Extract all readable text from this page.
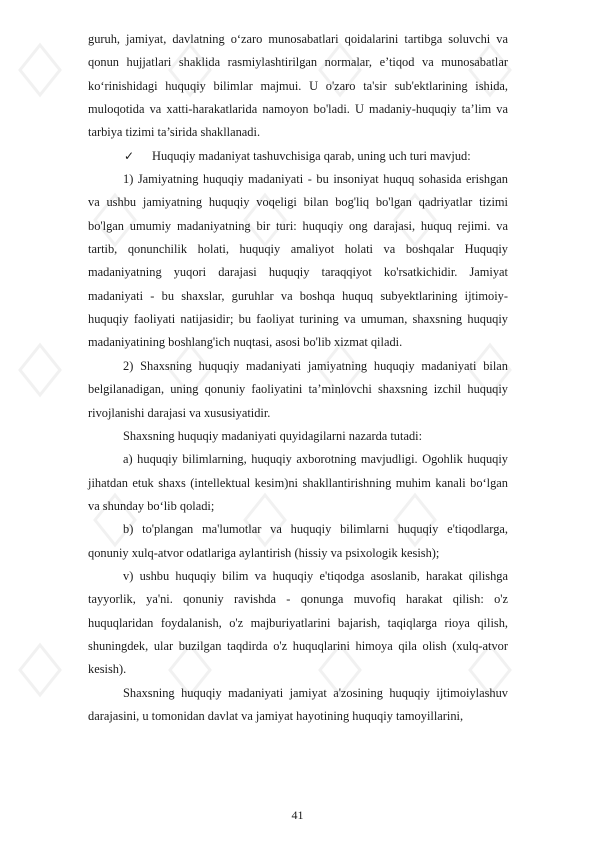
guruh, jamiyat, davlatning o‘zaro munosabatlari qoidalarini tartibga soluvchi va qonun hujjatlari shaklida rasmiylashtirilgan normalar, e’tiqod va munosabatlar ko‘rinishidagi huquqiy bilimlar majmui. U o'zaro ta'sir sub'ektlarining ishida, muloqotida va xatti-harakatlarida namoyon bo'ladi. U madaniy-huquqiy ta’lim va tarbiya tizimi ta’sirida shakllanadi.

✓ Huquqiy madaniyat tashuvchisiga qarab, uning uch turi mavjud:

1) Jamiyatning huquqiy madaniyati - bu insoniyat huquq sohasida erishgan va ushbu jamiyatning huquqiy voqeligi bilan bog'liq bo'lgan qadriyatlar tizimi bo'lgan umumiy madaniyatning bir turi: huquqiy ong darajasi, huquq rejimi. va tartib, qonunchilik holati, huquqiy amaliyot holati va boshqalar Huquqiy madaniyatning yuqori darajasi huquqiy taraqqiyot ko'rsatkichidir. Jamiyat madaniyati - bu shaxslar, guruhlar va boshqa huquq subyektlarining ijtimoiy-huquqiy faoliyati natijasidir; bu faoliyat turining va umuman, shaxsning huquqiy madaniyatining boshlang'ich nuqtasi, asosi bo'lib xizmat qiladi.

2) Shaxsning huquqiy madaniyati jamiyatning huquqiy madaniyati bilan belgilanadigan, uning qonuniy faoliyatini ta’minlovchi shaxsning izchil huquqiy rivojlanishi darajasi va xususiyatidir.

Shaxsning huquqiy madaniyati quyidagilarni nazarda tutadi:

a) huquqiy bilimlarning, huquqiy axborotning mavjudligi. Ogohlik huquqiy jihatdan etuk shaxs (intellektual kesim)ni shakllantirishning muhim kanali bo‘lgan va shunday bo‘lib qoladi;

b) to'plangan ma'lumotlar va huquqiy bilimlarni huquqiy e'tiqodlarga, qonuniy xulq-atvor odatlariga aylantirish (hissiy va psixologik kesish);

v) ushbu huquqiy bilim va huquqiy e'tiqodga asoslanib, harakat qilishga tayyorlik, ya'ni. qonuniy ravishda - qonunga muvofiq harakat qilish: o'z huquqlaridan foydalanish, o'z majburiyatlarini bajarish, taqiqlarga rioya qilish, shuningdek, ular buzilgan taqdirda o'z huquqlarini himoya qila olish (xulq-atvor kesish).

Shaxsning huquqiy madaniyati jamiyat a'zosining huquqiy ijtimoiylashuv darajasini, u tomonidan davlat va jamiyat hayotining huquqiy tamoyillarini,

41
